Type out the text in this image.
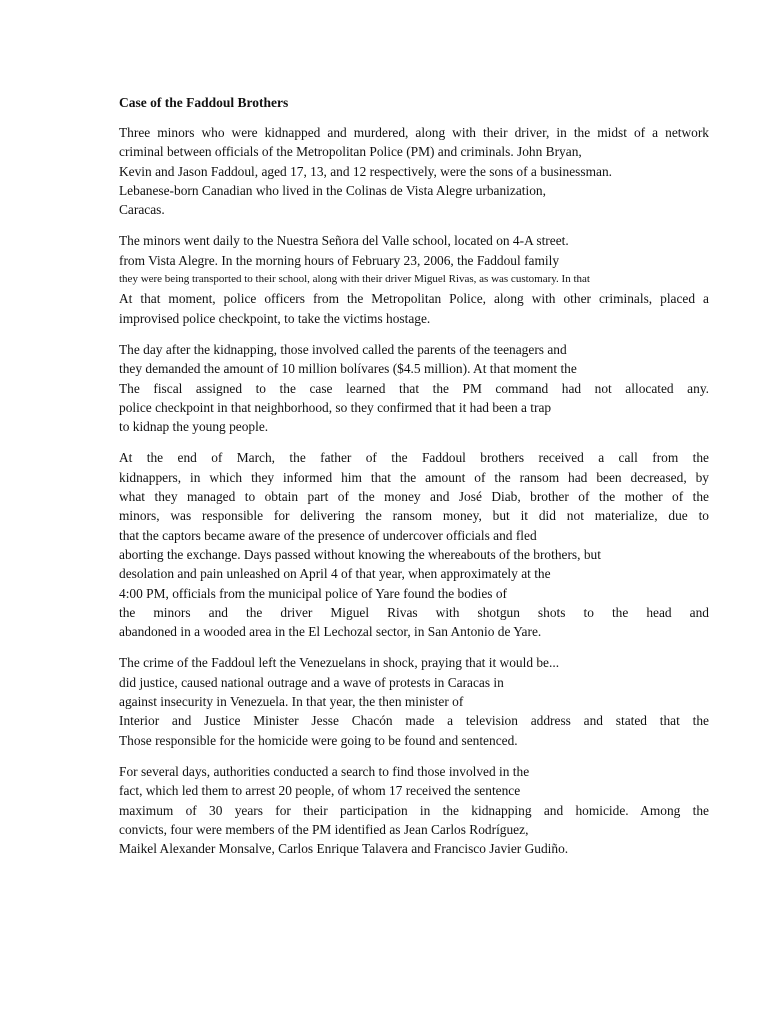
Case of the Faddoul Brothers
Three minors who were kidnapped and murdered, along with their driver, in the midst of a network
criminal between officials of the Metropolitan Police (PM) and criminals. John Bryan,
Kevin and Jason Faddoul, aged 17, 13, and 12 respectively, were the sons of a businessman.
Lebanese-born Canadian who lived in the Colinas de Vista Alegre urbanization,
Caracas.
The minors went daily to the Nuestra Señora del Valle school, located on 4-A street.
from Vista Alegre. In the morning hours of February 23, 2006, the Faddoul family
they were being transported to their school, along with their driver Miguel Rivas, as was customary. In that
At that moment, police officers from the Metropolitan Police, along with other criminals, placed a
improvised police checkpoint, to take the victims hostage.
The day after the kidnapping, those involved called the parents of the teenagers and
they demanded the amount of 10 million bolívares ($4.5 million). At that moment the
The fiscal assigned to the case learned that the PM command had not allocated any.
police checkpoint in that neighborhood, so they confirmed that it had been a trap
to kidnap the young people.
At the end of March, the father of the Faddoul brothers received a call from the
kidnappers, in which they informed him that the amount of the ransom had been decreased, by
what they managed to obtain part of the money and José Diab, brother of the mother of the
minors, was responsible for delivering the ransom money, but it did not materialize, due to
that the captors became aware of the presence of undercover officials and fled
aborting the exchange. Days passed without knowing the whereabouts of the brothers, but
desolation and pain unleashed on April 4 of that year, when approximately at the
4:00 PM, officials from the municipal police of Yare found the bodies of
the minors and the driver Miguel Rivas with shotgun shots to the head and
abandoned in a wooded area in the El Lechozal sector, in San Antonio de Yare.
The crime of the Faddoul left the Venezuelans in shock, praying that it would be...
did justice, caused national outrage and a wave of protests in Caracas in
against insecurity in Venezuela. In that year, the then minister of
Interior and Justice Minister Jesse Chacón made a television address and stated that the
Those responsible for the homicide were going to be found and sentenced.
For several days, authorities conducted a search to find those involved in the
fact, which led them to arrest 20 people, of whom 17 received the sentence
maximum of 30 years for their participation in the kidnapping and homicide. Among the
convicts, four were members of the PM identified as Jean Carlos Rodríguez,
Maikel Alexander Monsalve, Carlos Enrique Talavera and Francisco Javier Gudiño.
